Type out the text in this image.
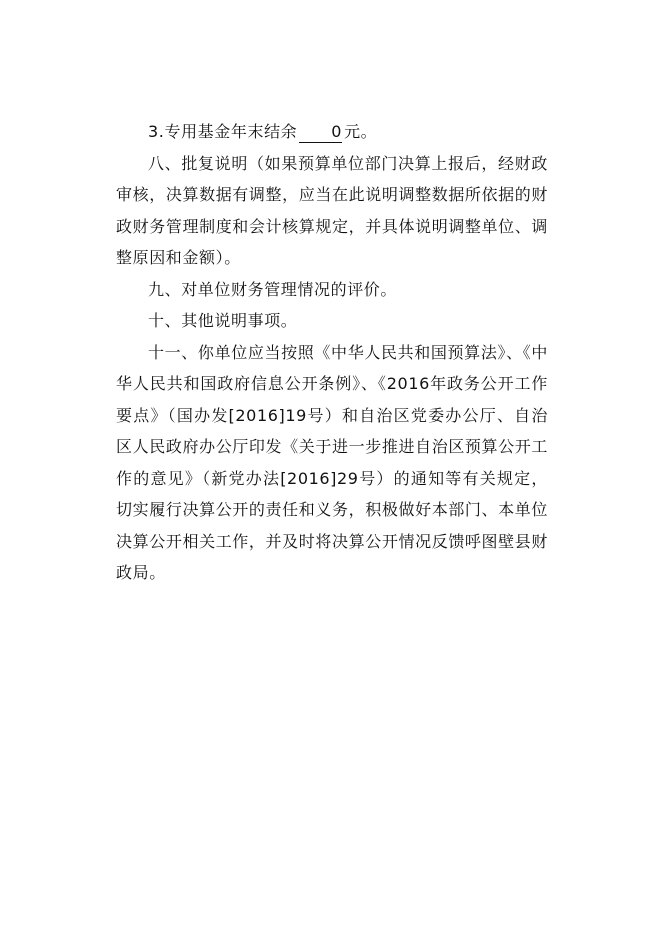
3.专用基金年末结余 0 元。

八、批复说明（如果预算单位部门决算上报后，经财政审核，决算数据有调整，应当在此说明调整数据所依据的财政财务管理制度和会计核算规定，并具体说明调整单位、调整原因和金额）。

九、对单位财务管理情况的评价。

十、其他说明事项。

十一、你单位应当按照《中华人民共和国预算法》、《中华人民共和国政府信息公开条例》、《2016年政务公开工作要点》（国办发[2016]19号）和自治区党委办公厅、自治区人民政府办公厅印发《关于进一步推进自治区预算公开工作的意见》（新党办法[2016]29号）的通知等有关规定，切实履行决算公开的责任和义务，积极做好本部门、本单位决算公开相关工作，并及时将决算公开情况反馈呼图壁县财政局。
